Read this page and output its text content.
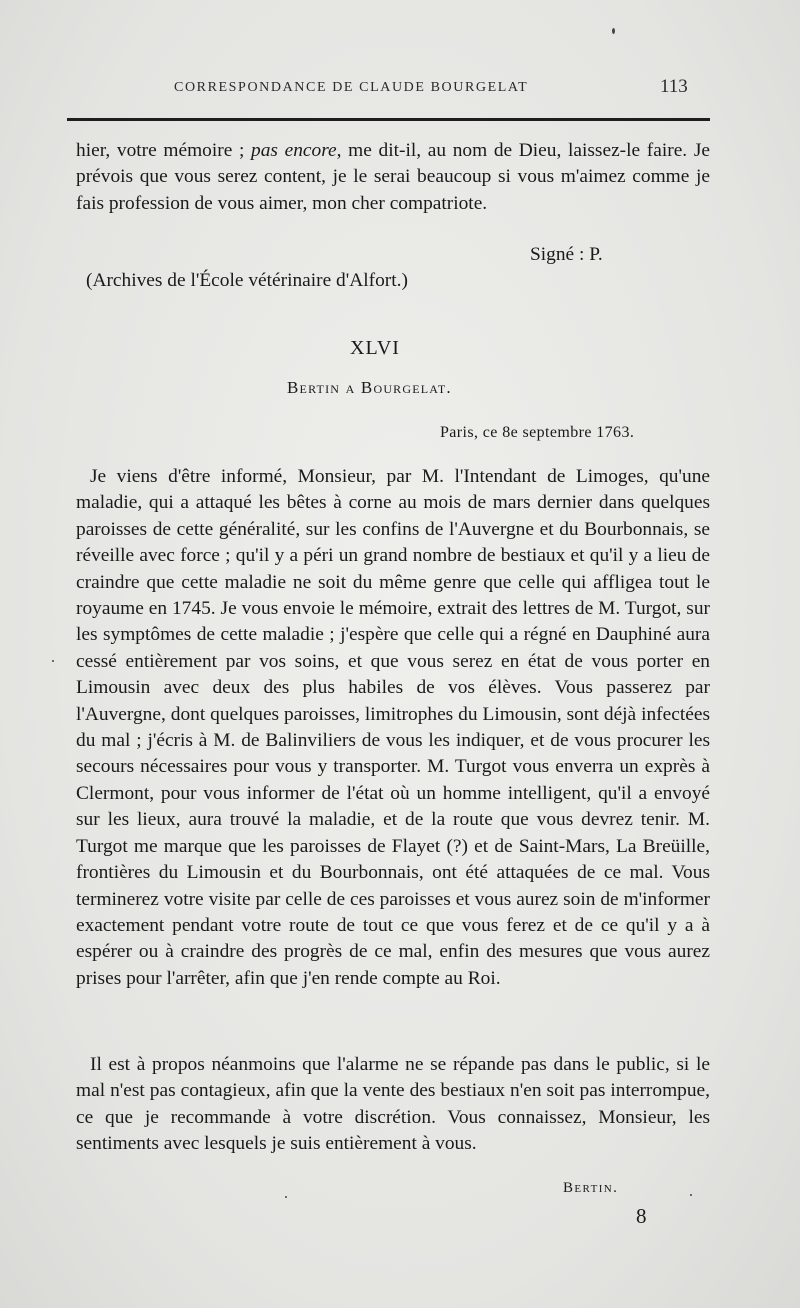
CORRESPONDANCE DE CLAUDE BOURGELAT	113

hier, votre mémoire ; pas encore, me dit-il, au nom de Dieu, laissez-le faire. Je prévois que vous serez content, je le serai beaucoup si vous m'aimez comme je fais profession de vous aimer, mon cher compatriote.

Signé : P.
(Archives de l'École vétérinaire d'Alfort.)
XLVI
Bertin a Bourgelat.
Paris, ce 8e septembre 1763.

Je viens d'être informé, Monsieur, par M. l'Intendant de Limoges, qu'une maladie, qui a attaqué les bêtes à corne au mois de mars dernier dans quelques paroisses de cette généralité, sur les confins de l'Auvergne et du Bourbonnais, se réveille avec force ; qu'il y a péri un grand nombre de bestiaux et qu'il y a lieu de craindre que cette maladie ne soit du même genre que celle qui affligea tout le royaume en 1745. Je vous envoie le mémoire, extrait des lettres de M. Turgot, sur les symptômes de cette maladie ; j'espère que celle qui a régné en Dauphiné aura cessé entièrement par vos soins, et que vous serez en état de vous porter en Limousin avec deux des plus habiles de vos élèves. Vous passerez par l'Auvergne, dont quelques paroisses, limitrophes du Limousin, sont déjà infectées du mal ; j'écris à M. de Balinviliers de vous les indiquer, et de vous procurer les secours nécessaires pour vous y transporter. M. Turgot vous enverra un exprès à Clermont, pour vous informer de l'état où un homme intelligent, qu'il a envoyé sur les lieux, aura trouvé la maladie, et de la route que vous devrez tenir. M. Turgot me marque que les paroisses de Flayet (?) et de Saint-Mars, La Breüille, frontières du Limousin et du Bourbonnais, ont été attaquées de ce mal. Vous terminerez votre visite par celle de ces paroisses et vous aurez soin de m'informer exactement pendant votre route de tout ce que vous ferez et de ce qu'il y a à espérer ou à craindre des progrès de ce mal, enfin des mesures que vous aurez prises pour l'arrêter, afin que j'en rende compte au Roi.

Il est à propos néanmoins que l'alarme ne se répande pas dans le public, si le mal n'est pas contagieux, afin que la vente des bestiaux n'en soit pas interrompue, ce que je recommande à votre discrétion. Vous connaissez, Monsieur, les sentiments avec lesquels je suis entièrement à vous.

Bertin.
8
